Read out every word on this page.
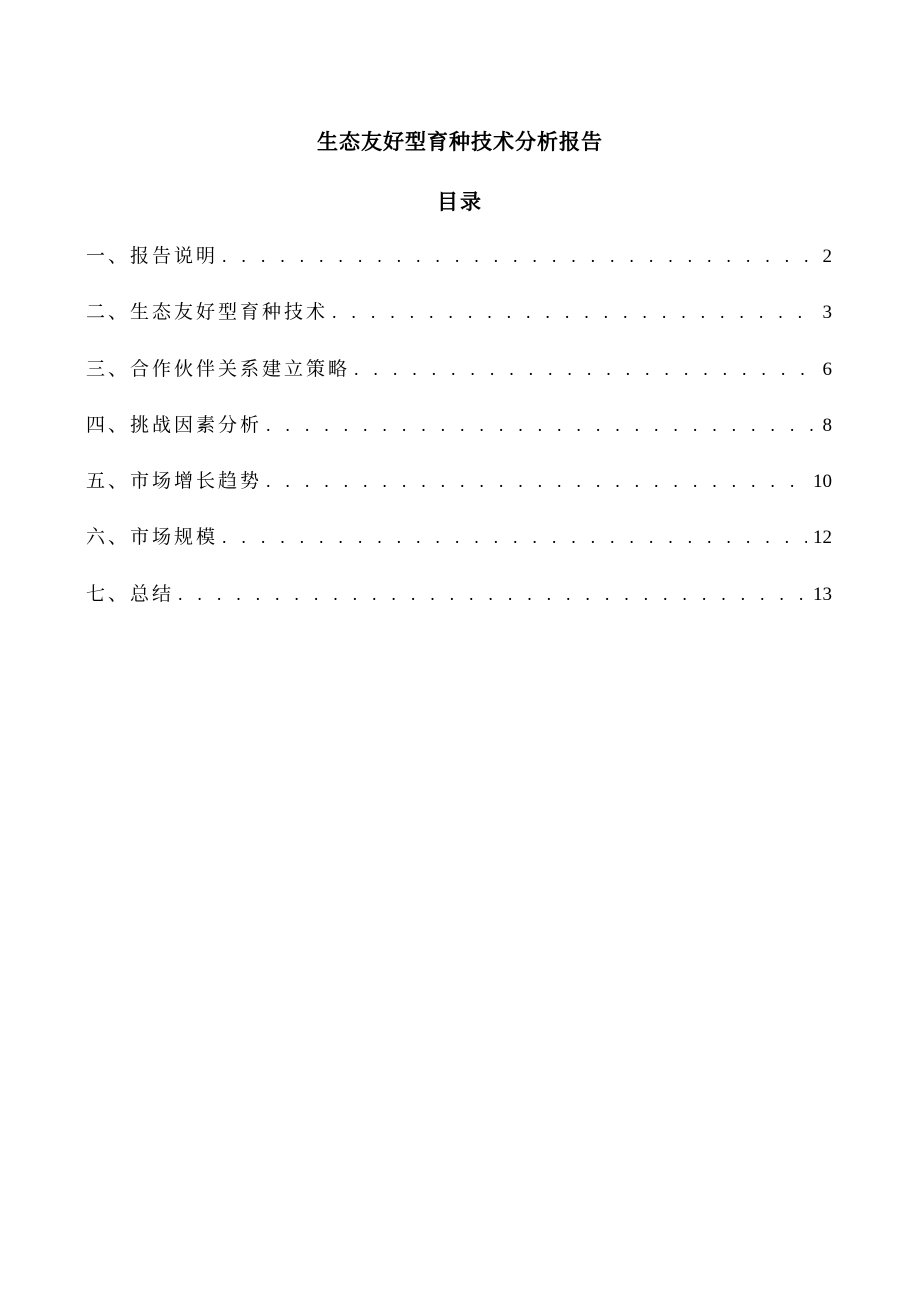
生态友好型育种技术分析报告
目录
一、报告说明 . . .	2
二、生态友好型育种技术 . . .	3
三、合作伙伴关系建立策略 . . .	6
四、挑战因素分析 . . .	8
五、市场增长趋势 . . .	10
六、市场规模 . . .	12
七、总结 . . .	13
